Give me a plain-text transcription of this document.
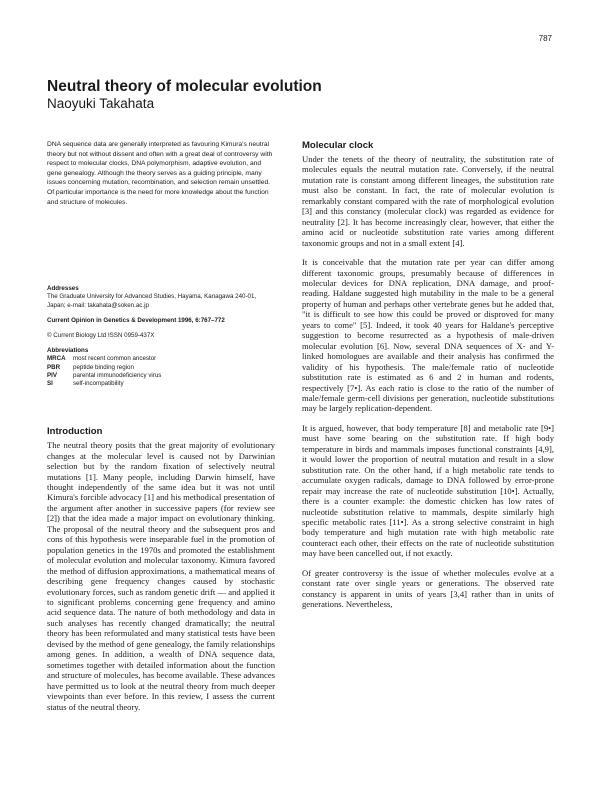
787
Neutral theory of molecular evolution
Naoyuki Takahata

DNA sequence data are generally interpreted as favouring Kimura's neutral theory but not without dissent and often with a great deal of controversy with respect to molecular clocks, DNA polymorphism, adaptive evolution, and gene genealogy. Although the theory serves as a guiding principle, many issues concerning mutation, recombination, and selection remain unsettled. Of particular importance is the need for more knowledge about the function and structure of molecules.

Addresses
The Graduate University for Advanced Studies, Hayama, Kanagawa 240-01, Japan; e-mail: takahata@soken.ac.jp
Current Opinion in Genetics & Development 1996, 6:767–772
© Current Biology Ltd ISSN 0959-437X
Abbreviations
MRCA	most recent common ancestor
PBR	peptide binding region
PIV	parental immunodeficiency virus
SI	self-incompatibility
Introduction

The neutral theory posits that the great majority of evolutionary changes at the molecular level is caused not by Darwinian selection but by the random fixation of selectively neutral mutations [1]. Many people, including Darwin himself, have thought independently of the same idea but it was not until Kimura's forcible advocacy [1] and his methodical presentation of the argument after another in successive papers (for review see [2]) that the idea made a major impact on evolutionary thinking. The proposal of the neutral theory and the subsequent pros and cons of this hypothesis were inseparable fuel in the promotion of population genetics in the 1970s and promoted the establishment of molecular evolution and molecular taxonomy. Kimura favored the method of diffusion approximations, a mathematical means of describing gene frequency changes caused by stochastic evolutionary forces, such as random genetic drift — and applied it to significant problems concerning gene frequency and amino acid sequence data. The nature of both methodology and data in such analyses has recently changed dramatically; the neutral theory has been reformulated and many statistical tests have been devised by the method of gene genealogy, the family relationships among genes. In addition, a wealth of DNA sequence data, sometimes together with detailed information about the function and structure of molecules, has become available. These advances have permitted us to look at the neutral theory from much deeper viewpoints than ever before. In this review, I assess the current status of the neutral theory.

Molecular clock

Under the tenets of the theory of neutrality, the substitution rate of molecules equals the neutral mutation rate. Conversely, if the neutral mutation rate is constant among different lineages, the substitution rate must also be constant. In fact, the rate of molecular evolution is remarkably constant compared with the rate of morphological evolution [3] and this constancy (molecular clock) was regarded as evidence for neutrality [2]. It has become increasingly clear, however, that either the amino acid or nucleotide substitution rate varies among different taxonomic groups and not in a small extent [4].

It is conceivable that the mutation rate per year can differ among different taxonomic groups, presumably because of differences in molecular devices for DNA replication, DNA damage, and proof-reading. Haldane suggested high mutability in the male to be a general property of human and perhaps other vertebrate genes but he added that, "it is difficult to see how this could be proved or disproved for many years to come" [5]. Indeed, it took 40 years for Haldane's perceptive suggestion to become resurrected as a hypothesis of male-driven molecular evolution [6]. Now, several DNA sequences of X- and Y-linked homologues are available and their analysis has confirmed the validity of his hypothesis. The male/female ratio of nucleotide substitution rate is estimated as 6 and 2 in human and rodents, respectively [7•]. As each ratio is close to the ratio of the number of male/female germ-cell divisions per generation, nucleotide substitutions may be largely replication-dependent.

It is argued, however, that body temperature [8] and metabolic rate [9•] must have some bearing on the substitution rate. If high body temperature in birds and mammals imposes functional constraints [4,9], it would lower the proportion of neutral mutation and result in a slow substitution rate. On the other hand, if a high metabolic rate tends to accumulate oxygen radicals, damage to DNA followed by error-prone repair may increase the rate of nucleotide substitution [10•]. Actually, there is a counter example: the domestic chicken has low rates of nucleotide substitution relative to mammals, despite similarly high specific metabolic rates [11•]. As a strong selective constraint in high body temperature and high mutation rate with high metabolic rate counteract each other, their effects on the rate of nucleotide substitution may have been cancelled out, if not exactly.

Of greater controversy is the issue of whether molecules evolve at a constant rate over single years or generations. The observed rate constancy is apparent in units of years [3,4] rather than in units of generations. Nevertheless,
